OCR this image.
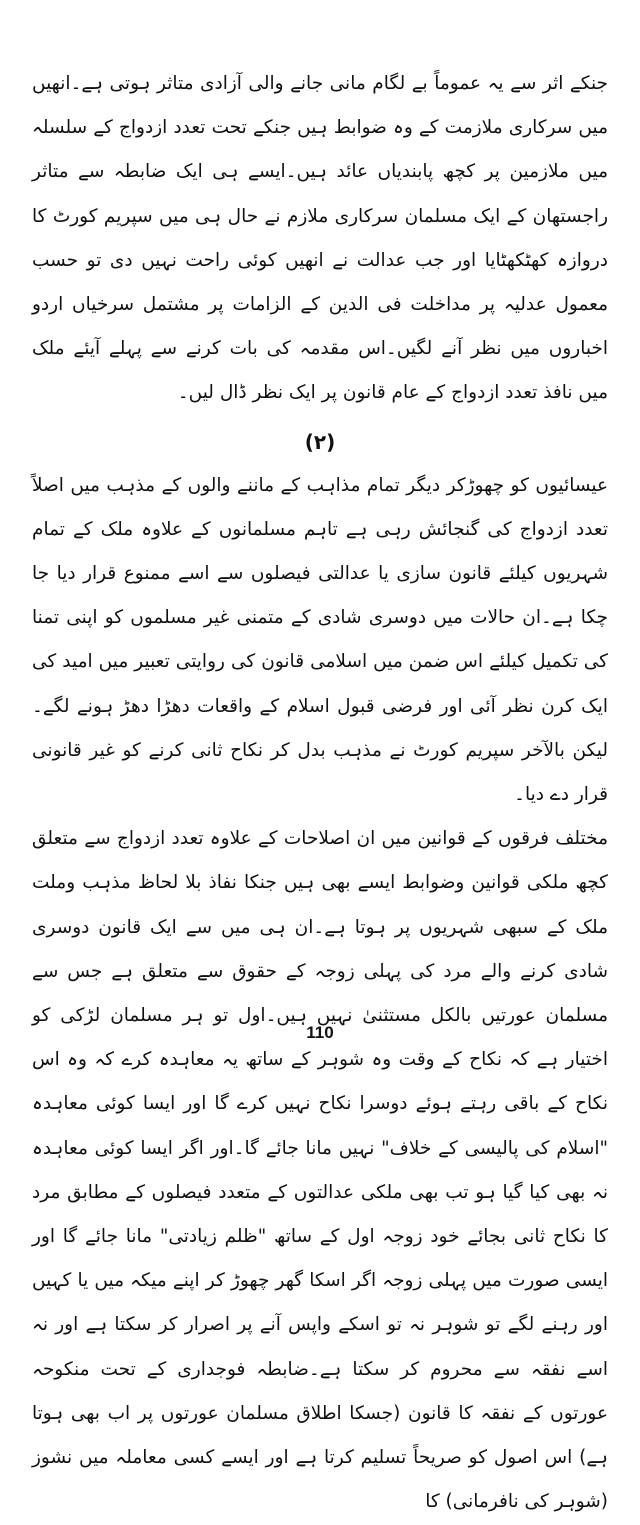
جنکے اثر سے یہ عموماً بے لگام مانی جانے والی آزادی متاثر ہوتی ہے۔انھیں میں سرکاری ملازمت کے وہ ضوابط ہیں جنکے تحت تعدد ازدواج کے سلسلہ میں ملازمین پر کچھ پابندیاں عائد ہیں۔ایسے ہی ایک ضابطہ سے متاثر راجستھان کے ایک مسلمان سرکاری ملازم نے حال ہی میں سپریم کورٹ کا دروازہ کھٹکھٹایا اور جب عدالت نے انھیں کوئی راحت نہیں دی تو حسب معمول عدلیہ پر مداخلت فی الدین کے الزامات پر مشتمل سرخیاں اردو اخباروں میں نظر آنے لگیں۔اس مقدمہ کی بات کرنے سے پہلے آیئے ملک میں نافذ تعدد ازدواج کے عام قانون پر ایک نظر ڈال لیں۔

(۲)

عیسائیوں کو چھوڑکر دیگر تمام مذاہب کے ماننے والوں کے مذہب میں اصلاً تعدد ازدواج کی گنجائش رہی ہے تاہم مسلمانوں کے علاوہ ملک کے تمام شہریوں کیلئے قانون سازی یا عدالتی فیصلوں سے اسے ممنوع قرار دیا جا چکا ہے۔ان حالات میں دوسری شادی کے متمنی غیر مسلموں کو اپنی تمنا کی تکمیل کیلئے اس ضمن میں اسلامی قانون کی روایتی تعبیر میں امید کی ایک کرن نظر آئی اور فرضی قبول اسلام کے واقعات دھڑا دھڑ ہونے لگے۔لیکن بالآخر سپریم کورٹ نے مذہب بدل کر نکاح ثانی کرنے کو غیر قانونی قرار دے دیا۔

مختلف فرقوں کے قوانین میں ان اصلاحات کے علاوہ تعدد ازدواج سے متعلق کچھ ملکی قوانین وضوابط ایسے بھی ہیں جنکا نفاذ بلا لحاظ مذہب وملت ملک کے سبھی شہریوں پر ہوتا ہے۔ان ہی میں سے ایک قانون دوسری شادی کرنے والے مرد کی پہلی زوجہ کے حقوق سے متعلق ہے جس سے مسلمان عورتیں بالکل مستثنیٰ نہیں ہیں۔اول تو ہر مسلمان لڑکی کو اختیار ہے کہ نکاح کے وقت وہ شوہر کے ساتھ یہ معاہدہ کرے کہ وہ اس نکاح کے باقی رہتے ہوئے دوسرا نکاح نہیں کرے گا اور ایسا کوئی معاہدہ "اسلام کی پالیسی کے خلاف" نہیں مانا جائے گا۔اور اگر ایسا کوئی معاہدہ نہ بھی کیا گیا ہو تب بھی ملکی عدالتوں کے متعدد فیصلوں کے مطابق مرد کا نکاح ثانی بجائے خود زوجہ اول کے ساتھ "ظلم زیادتی" مانا جائے گا اور ایسی صورت میں پہلی زوجہ اگر اسکا گھر چھوڑ کر اپنے میکہ میں یا کہیں اور رہنے لگے تو شوہر نہ تو اسکے واپس آنے پر اصرار کر سکتا ہے اور نہ اسے نفقہ سے محروم کر سکتا ہے۔ضابطہ فوجداری کے تحت منکوحہ عورتوں کے نفقہ کا قانون (جسکا اطلاق مسلمان عورتوں پر اب بھی ہوتا ہے) اس اصول کو صریحاً تسلیم کرتا ہے اور ایسے کسی معاملہ میں نشوز (شوہر کی نافرمانی) کا

110
